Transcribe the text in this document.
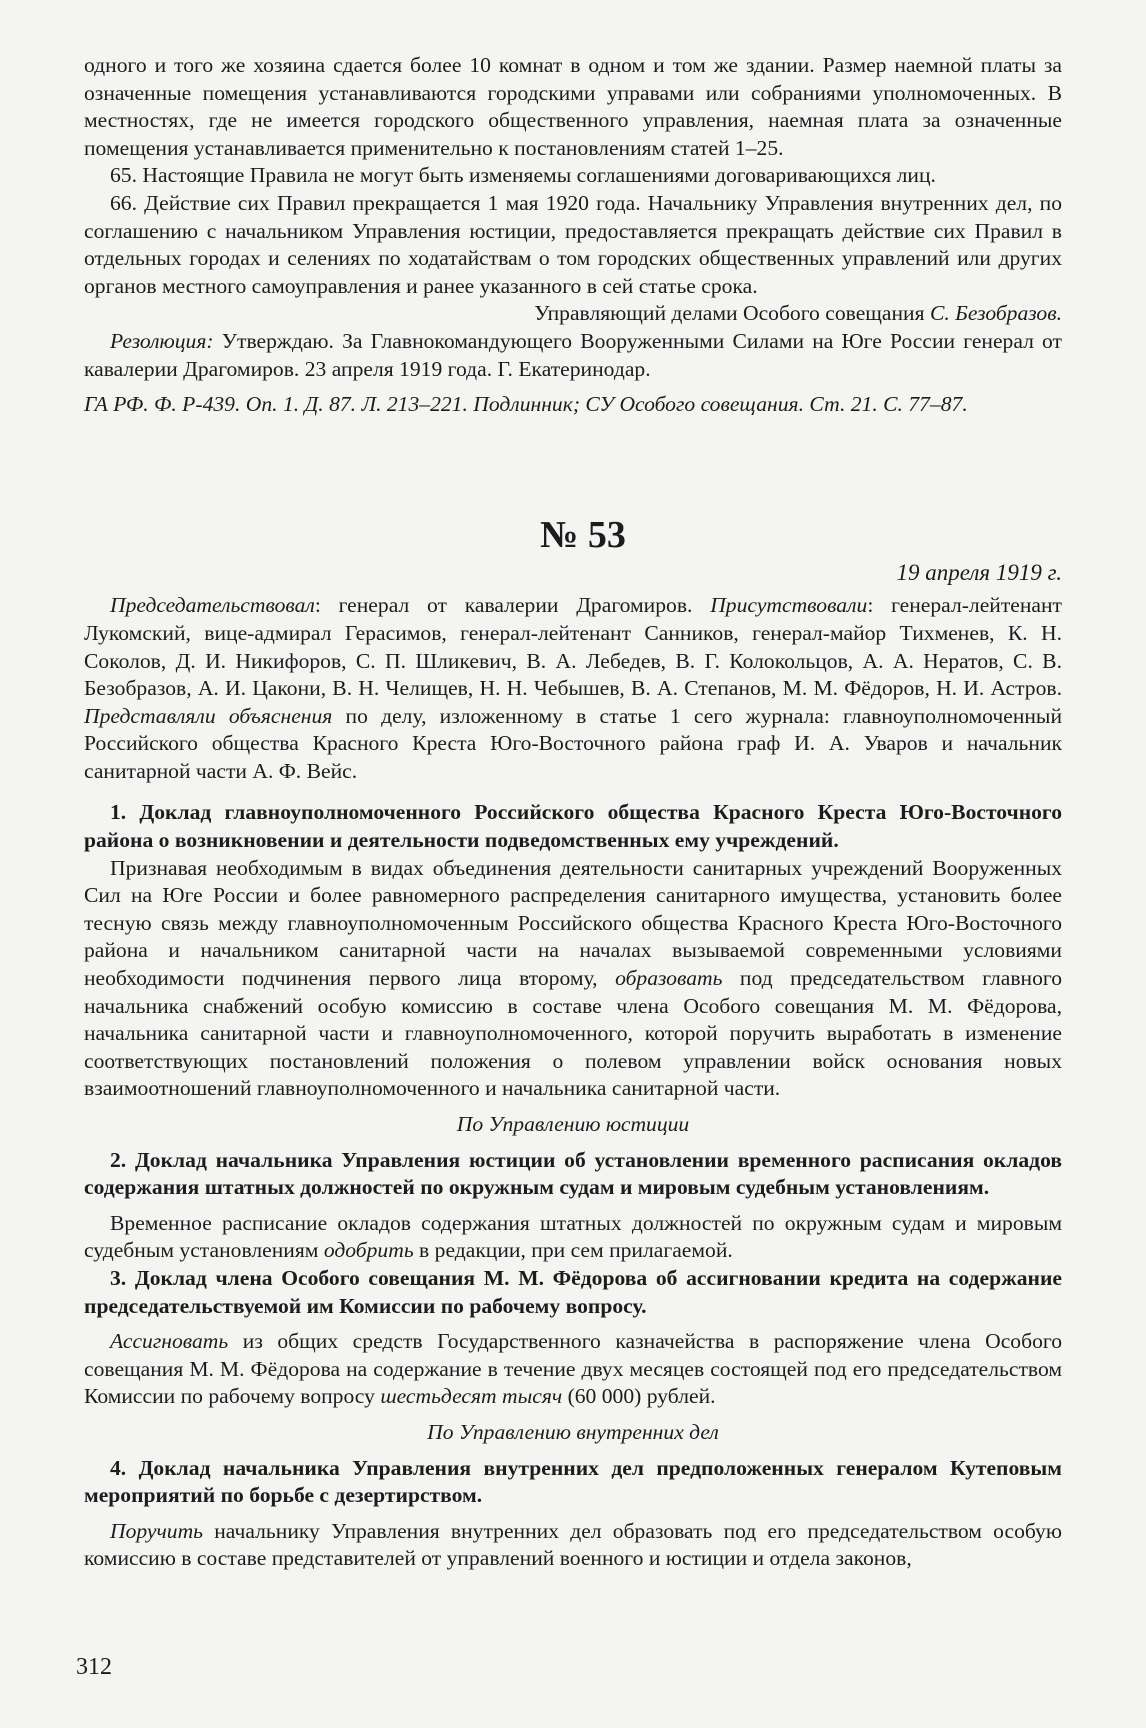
одного и того же хозяина сдается более 10 комнат в одном и том же здании. Размер наемной платы за означенные помещения устанавливаются городскими управами или собраниями уполномоченных. В местностях, где не имеется городского общественного управления, наемная плата за означенные помещения устанавливается применительно к постановлениям статей 1–25.

65. Настоящие Правила не могут быть изменяемы соглашениями договаривающихся лиц.

66. Действие сих Правил прекращается 1 мая 1920 года. Начальнику Управления внутренних дел, по соглашению с начальником Управления юстиции, предоставляется прекращать действие сих Правил в отдельных городах и селениях по ходатайствам о том городских общественных управлений или других органов местного самоуправления и ранее указанного в сей статье срока.

Управляющий делами Особого совещания С. Безобразов.

Резолюция: Утверждаю. За Главнокомандующего Вооруженными Силами на Юге России генерал от кавалерии Драгомиров. 23 апреля 1919 года. Г. Екатеринодар.

ГА РФ. Ф. Р-439. Оп. 1. Д. 87. Л. 213–221. Подлинник; СУ Особого совещания. Ст. 21. С. 77–87.

№ 53
19 апреля 1919 г.

Председательствовал: генерал от кавалерии Драгомиров. Присутствовали: генерал-лейтенант Лукомский, вице-адмирал Герасимов, генерал-лейтенант Санников, генерал-майор Тихменев, К. Н. Соколов, Д. И. Никифоров, С. П. Шликевич, В. А. Лебедев, В. Г. Колокольцов, А. А. Нератов, С. В. Безобразов, А. И. Цакони, В. Н. Челищев, Н. Н. Чебышев, В. А. Степанов, М. М. Фёдоров, Н. И. Астров. Представляли объяснения по делу, изложенному в статье 1 сего журнала: главноуполномоченный Российского общества Красного Креста Юго-Восточного района граф И. А. Уваров и начальник санитарной части А. Ф. Вейс.

1. Доклад главноуполномоченного Российского общества Красного Креста Юго-Восточного района о возникновении и деятельности подведомственных ему учреждений.

Признавая необходимым в видах объединения деятельности санитарных учреждений Вооруженных Сил на Юге России и более равномерного распределения санитарного имущества, установить более тесную связь между главноуполномоченным Российского общества Красного Креста Юго-Восточного района и начальником санитарной части на началах вызываемой современными условиями необходимости подчинения первого лица второму, образовать под председательством главного начальника снабжений особую комиссию в составе члена Особого совещания М. М. Фёдорова, начальника санитарной части и главноуполномоченного, которой поручить выработать в изменение соответствующих постановлений положения о полевом управлении войск основания новых взаимоотношений главноуполномоченного и начальника санитарной части.

По Управлению юстиции

2. Доклад начальника Управления юстиции об установлении временного расписания окладов содержания штатных должностей по окружным судам и мировым судебным установлениям.

Временное расписание окладов содержания штатных должностей по окружным судам и мировым судебным установлениям одобрить в редакции, при сем прилагаемой.

3. Доклад члена Особого совещания М. М. Фёдорова об ассигновании кредита на содержание председательствуемой им Комиссии по рабочему вопросу.

Ассигновать из общих средств Государственного казначейства в распоряжение члена Особого совещания М. М. Фёдорова на содержание в течение двух месяцев состоящей под его председательством Комиссии по рабочему вопросу шестьдесят тысяч (60 000) рублей.

По Управлению внутренних дел

4. Доклад начальника Управления внутренних дел предположенных генералом Кутеповым мероприятий по борьбе с дезертирством.

Поручить начальнику Управления внутренних дел образовать под его председательством особую комиссию в составе представителей от управлений военного и юстиции и отдела законов,

312
